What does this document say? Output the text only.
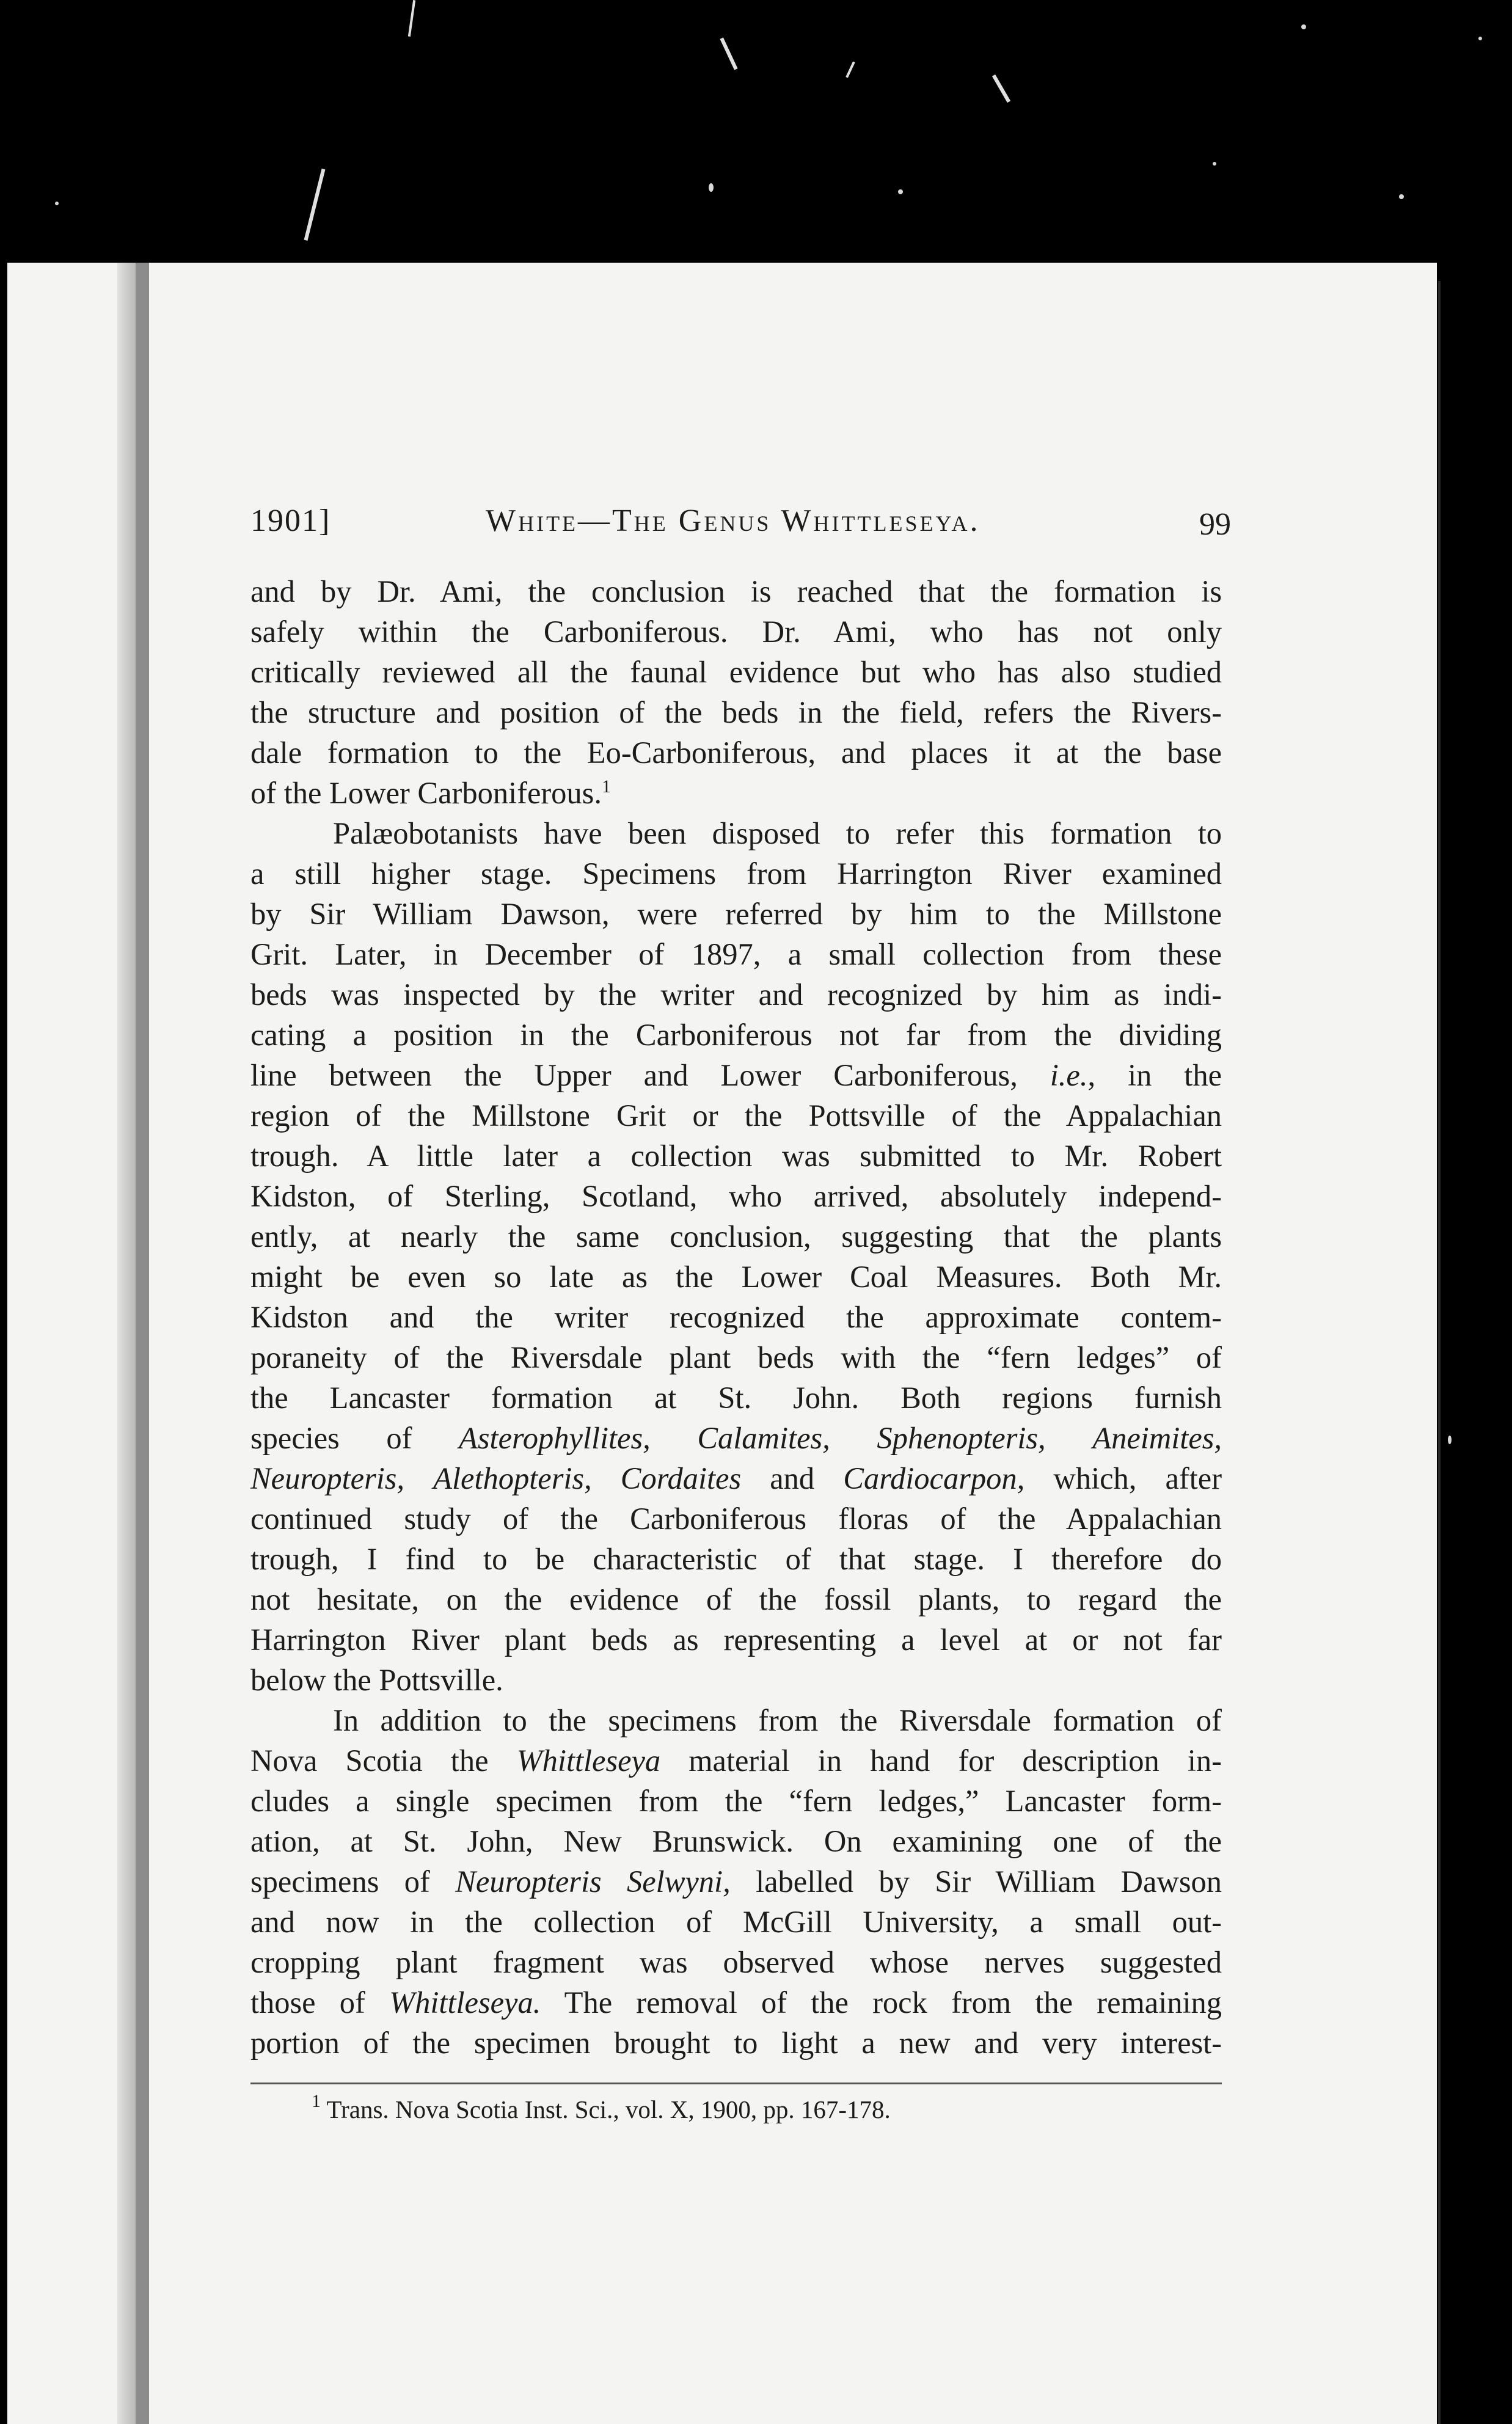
1901]	White—The Genus Whittleseya.	99
and by Dr. Ami, the conclusion is reached that the formation is
safely within the Carboniferous. Dr. Ami, who has not only
critically reviewed all the faunal evidence but who has also studied
the structure and position of the beds in the field, refers the Rivers-
dale formation to the Eo-Carboniferous, and places it at the base
of the Lower Carboniferous.$^1$
Palæobotanists have been disposed to refer this formation to
a still higher stage. Specimens from Harrington River examined
by Sir William Dawson, were referred by him to the Millstone
Grit. Later, in December of 1897, a small collection from these
beds was inspected by the writer and recognized by him as indi-
cating a position in the Carboniferous not far from the dividing
line between the Upper and Lower Carboniferous, i.e., in the
region of the Millstone Grit or the Pottsville of the Appalachian
trough. A little later a collection was submitted to Mr. Robert
Kidston, of Sterling, Scotland, who arrived, absolutely independ-
ently, at nearly the same conclusion, suggesting that the plants
might be even so late as the Lower Coal Measures. Both Mr.
Kidston and the writer recognized the approximate contem-
poraneity of the Riversdale plant beds with the “fern ledges” of
the Lancaster formation at St. John. Both regions furnish
species of Asterophyllites, Calamites, Sphenopteris, Aneimites,
Neuropteris, Alethopteris, Cordaites and Cardiocarpon, which, after
continued study of the Carboniferous floras of the Appalachian
trough, I find to be characteristic of that stage. I therefore do
not hesitate, on the evidence of the fossil plants, to regard the
Harrington River plant beds as representing a level at or not far
below the Pottsville.
In addition to the specimens from the Riversdale formation of
Nova Scotia the Whittleseya material in hand for description in-
cludes a single specimen from the “fern ledges,” Lancaster form-
ation, at St. John, New Brunswick. On examining one of the
specimens of Neuropteris Selwyni, labelled by Sir William Dawson
and now in the collection of McGill University, a small out-
cropping plant fragment was observed whose nerves suggested
those of Whittleseya. The removal of the rock from the remaining
portion of the specimen brought to light a new and very interest-
$^1$ Trans. Nova Scotia Inst. Sci., vol. X, 1900, pp. 167-178.
